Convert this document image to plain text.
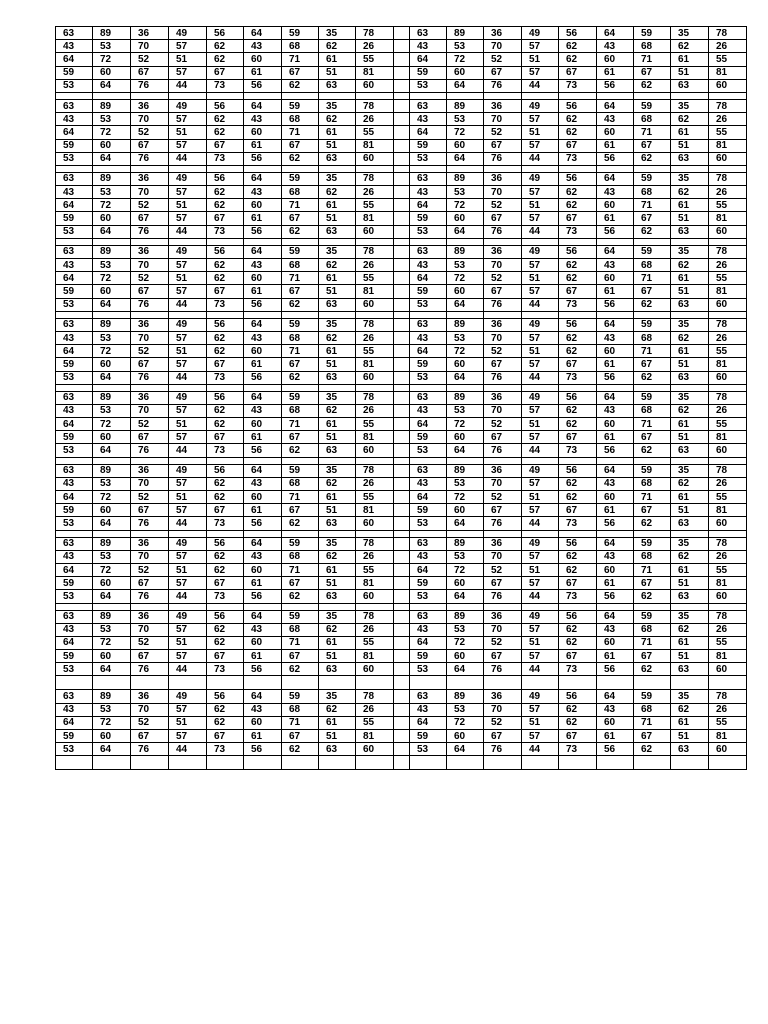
63	89	36	49	56	64	59	35	78		63	89	36	49	56	64	59	35	78
43	53	70	57	62	43	68	62	26		43	53	70	57	62	43	68	62	26
64	72	52	51	62	60	71	61	55		64	72	52	51	62	60	71	61	55
59	60	67	57	67	61	67	51	81		59	60	67	57	67	61	67	51	81
53	64	76	44	73	56	62	63	60		53	64	76	44	73	56	62	63	60

63	89	36	49	56	64	59	35	78		63	89	36	49	56	64	59	35	78
43	53	70	57	62	43	68	62	26		43	53	70	57	62	43	68	62	26
64	72	52	51	62	60	71	61	55		64	72	52	51	62	60	71	61	55
59	60	67	57	67	61	67	51	81		59	60	67	57	67	61	67	51	81
53	64	76	44	73	56	62	63	60		53	64	76	44	73	56	62	63	60

63	89	36	49	56	64	59	35	78		63	89	36	49	56	64	59	35	78
43	53	70	57	62	43	68	62	26		43	53	70	57	62	43	68	62	26
64	72	52	51	62	60	71	61	55		64	72	52	51	62	60	71	61	55
59	60	67	57	67	61	67	51	81		59	60	67	57	67	61	67	51	81
53	64	76	44	73	56	62	63	60		53	64	76	44	73	56	62	63	60

63	89	36	49	56	64	59	35	78		63	89	36	49	56	64	59	35	78
43	53	70	57	62	43	68	62	26		43	53	70	57	62	43	68	62	26
64	72	52	51	62	60	71	61	55		64	72	52	51	62	60	71	61	55
59	60	67	57	67	61	67	51	81		59	60	67	57	67	61	67	51	81
53	64	76	44	73	56	62	63	60		53	64	76	44	73	56	62	63	60

63	89	36	49	56	64	59	35	78		63	89	36	49	56	64	59	35	78
43	53	70	57	62	43	68	62	26		43	53	70	57	62	43	68	62	26
64	72	52	51	62	60	71	61	55		64	72	52	51	62	60	71	61	55
59	60	67	57	67	61	67	51	81		59	60	67	57	67	61	67	51	81
53	64	76	44	73	56	62	63	60		53	64	76	44	73	56	62	63	60

63	89	36	49	56	64	59	35	78		63	89	36	49	56	64	59	35	78
43	53	70	57	62	43	68	62	26		43	53	70	57	62	43	68	62	26
64	72	52	51	62	60	71	61	55		64	72	52	51	62	60	71	61	55
59	60	67	57	67	61	67	51	81		59	60	67	57	67	61	67	51	81
53	64	76	44	73	56	62	63	60		53	64	76	44	73	56	62	63	60

63	89	36	49	56	64	59	35	78		63	89	36	49	56	64	59	35	78
43	53	70	57	62	43	68	62	26		43	53	70	57	62	43	68	62	26
64	72	52	51	62	60	71	61	55		64	72	52	51	62	60	71	61	55
59	60	67	57	67	61	67	51	81		59	60	67	57	67	61	67	51	81
53	64	76	44	73	56	62	63	60		53	64	76	44	73	56	62	63	60

63	89	36	49	56	64	59	35	78		63	89	36	49	56	64	59	35	78
43	53	70	57	62	43	68	62	26		43	53	70	57	62	43	68	62	26
64	72	52	51	62	60	71	61	55		64	72	52	51	62	60	71	61	55
59	60	67	57	67	61	67	51	81		59	60	67	57	67	61	67	51	81
53	64	76	44	73	56	62	63	60		53	64	76	44	73	56	62	63	60

63	89	36	49	56	64	59	35	78		63	89	36	49	56	64	59	35	78
43	53	70	57	62	43	68	62	26		43	53	70	57	62	43	68	62	26
64	72	52	51	62	60	71	61	55		64	72	52	51	62	60	71	61	55
59	60	67	57	67	61	67	51	81		59	60	67	57	67	61	67	51	81
53	64	76	44	73	56	62	63	60		53	64	76	44	73	56	62	63	60

63	89	36	49	56	64	59	35	78		63	89	36	49	56	64	59	35	78
43	53	70	57	62	43	68	62	26		43	53	70	57	62	43	68	62	26
64	72	52	51	62	60	71	61	55		64	72	52	51	62	60	71	61	55
59	60	67	57	67	61	67	51	81		59	60	67	57	67	61	67	51	81
53	64	76	44	73	56	62	63	60		53	64	76	44	73	56	62	63	60
